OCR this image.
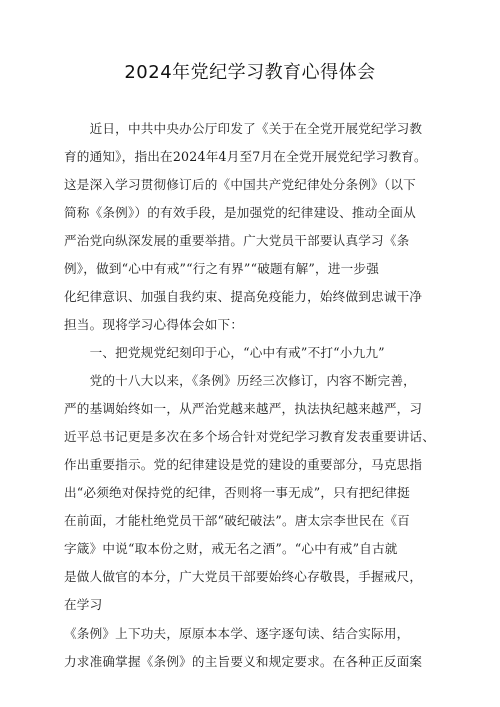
2024年党纪学习教育心得体会

　　近日，中共中央办公厅印发了《关于在全党开展党纪学习教

育的通知》，指出在2024年4月至7月在全党开展党纪学习教育。

这是深入学习贯彻修订后的《中国共产党纪律处分条例》（以下

简称《条例》）的有效手段，是加强党的纪律建设、推动全面从

严治党向纵深发展的重要举措。广大党员干部要认真学习《条

例》，做到“心中有戒”“行之有界”“破题有解”，进一步强

化纪律意识、加强自我约束、提高免疫能力，始终做到忠诚干净

担当。现将学习心得体会如下：

　　一、把党规党纪刻印于心，“心中有戒”不打“小九九”

　　党的十八大以来，《条例》历经三次修订，内容不断完善，

严的基调始终如一，从严治党越来越严，执法执纪越来越严，习

近平总书记更是多次在多个场合针对党纪学习教育发表重要讲话、

作出重要指示。党的纪律建设是党的建设的重要部分，马克思指

出“必须绝对保持党的纪律，否则将一事无成”，只有把纪律挺

在前面，才能杜绝党员干部“破纪破法”。唐太宗李世民在《百

字箴》中说“取本份之财，戒无名之酒”。“心中有戒”自古就

是做人做官的本分，广大党员干部要始终心存敬畏，手握戒尺，

在学习

《条例》上下功夫，原原本本学、逐字逐句读、结合实际用，

力求准确掌握《条例》的主旨要义和规定要求。在各种正反面案
